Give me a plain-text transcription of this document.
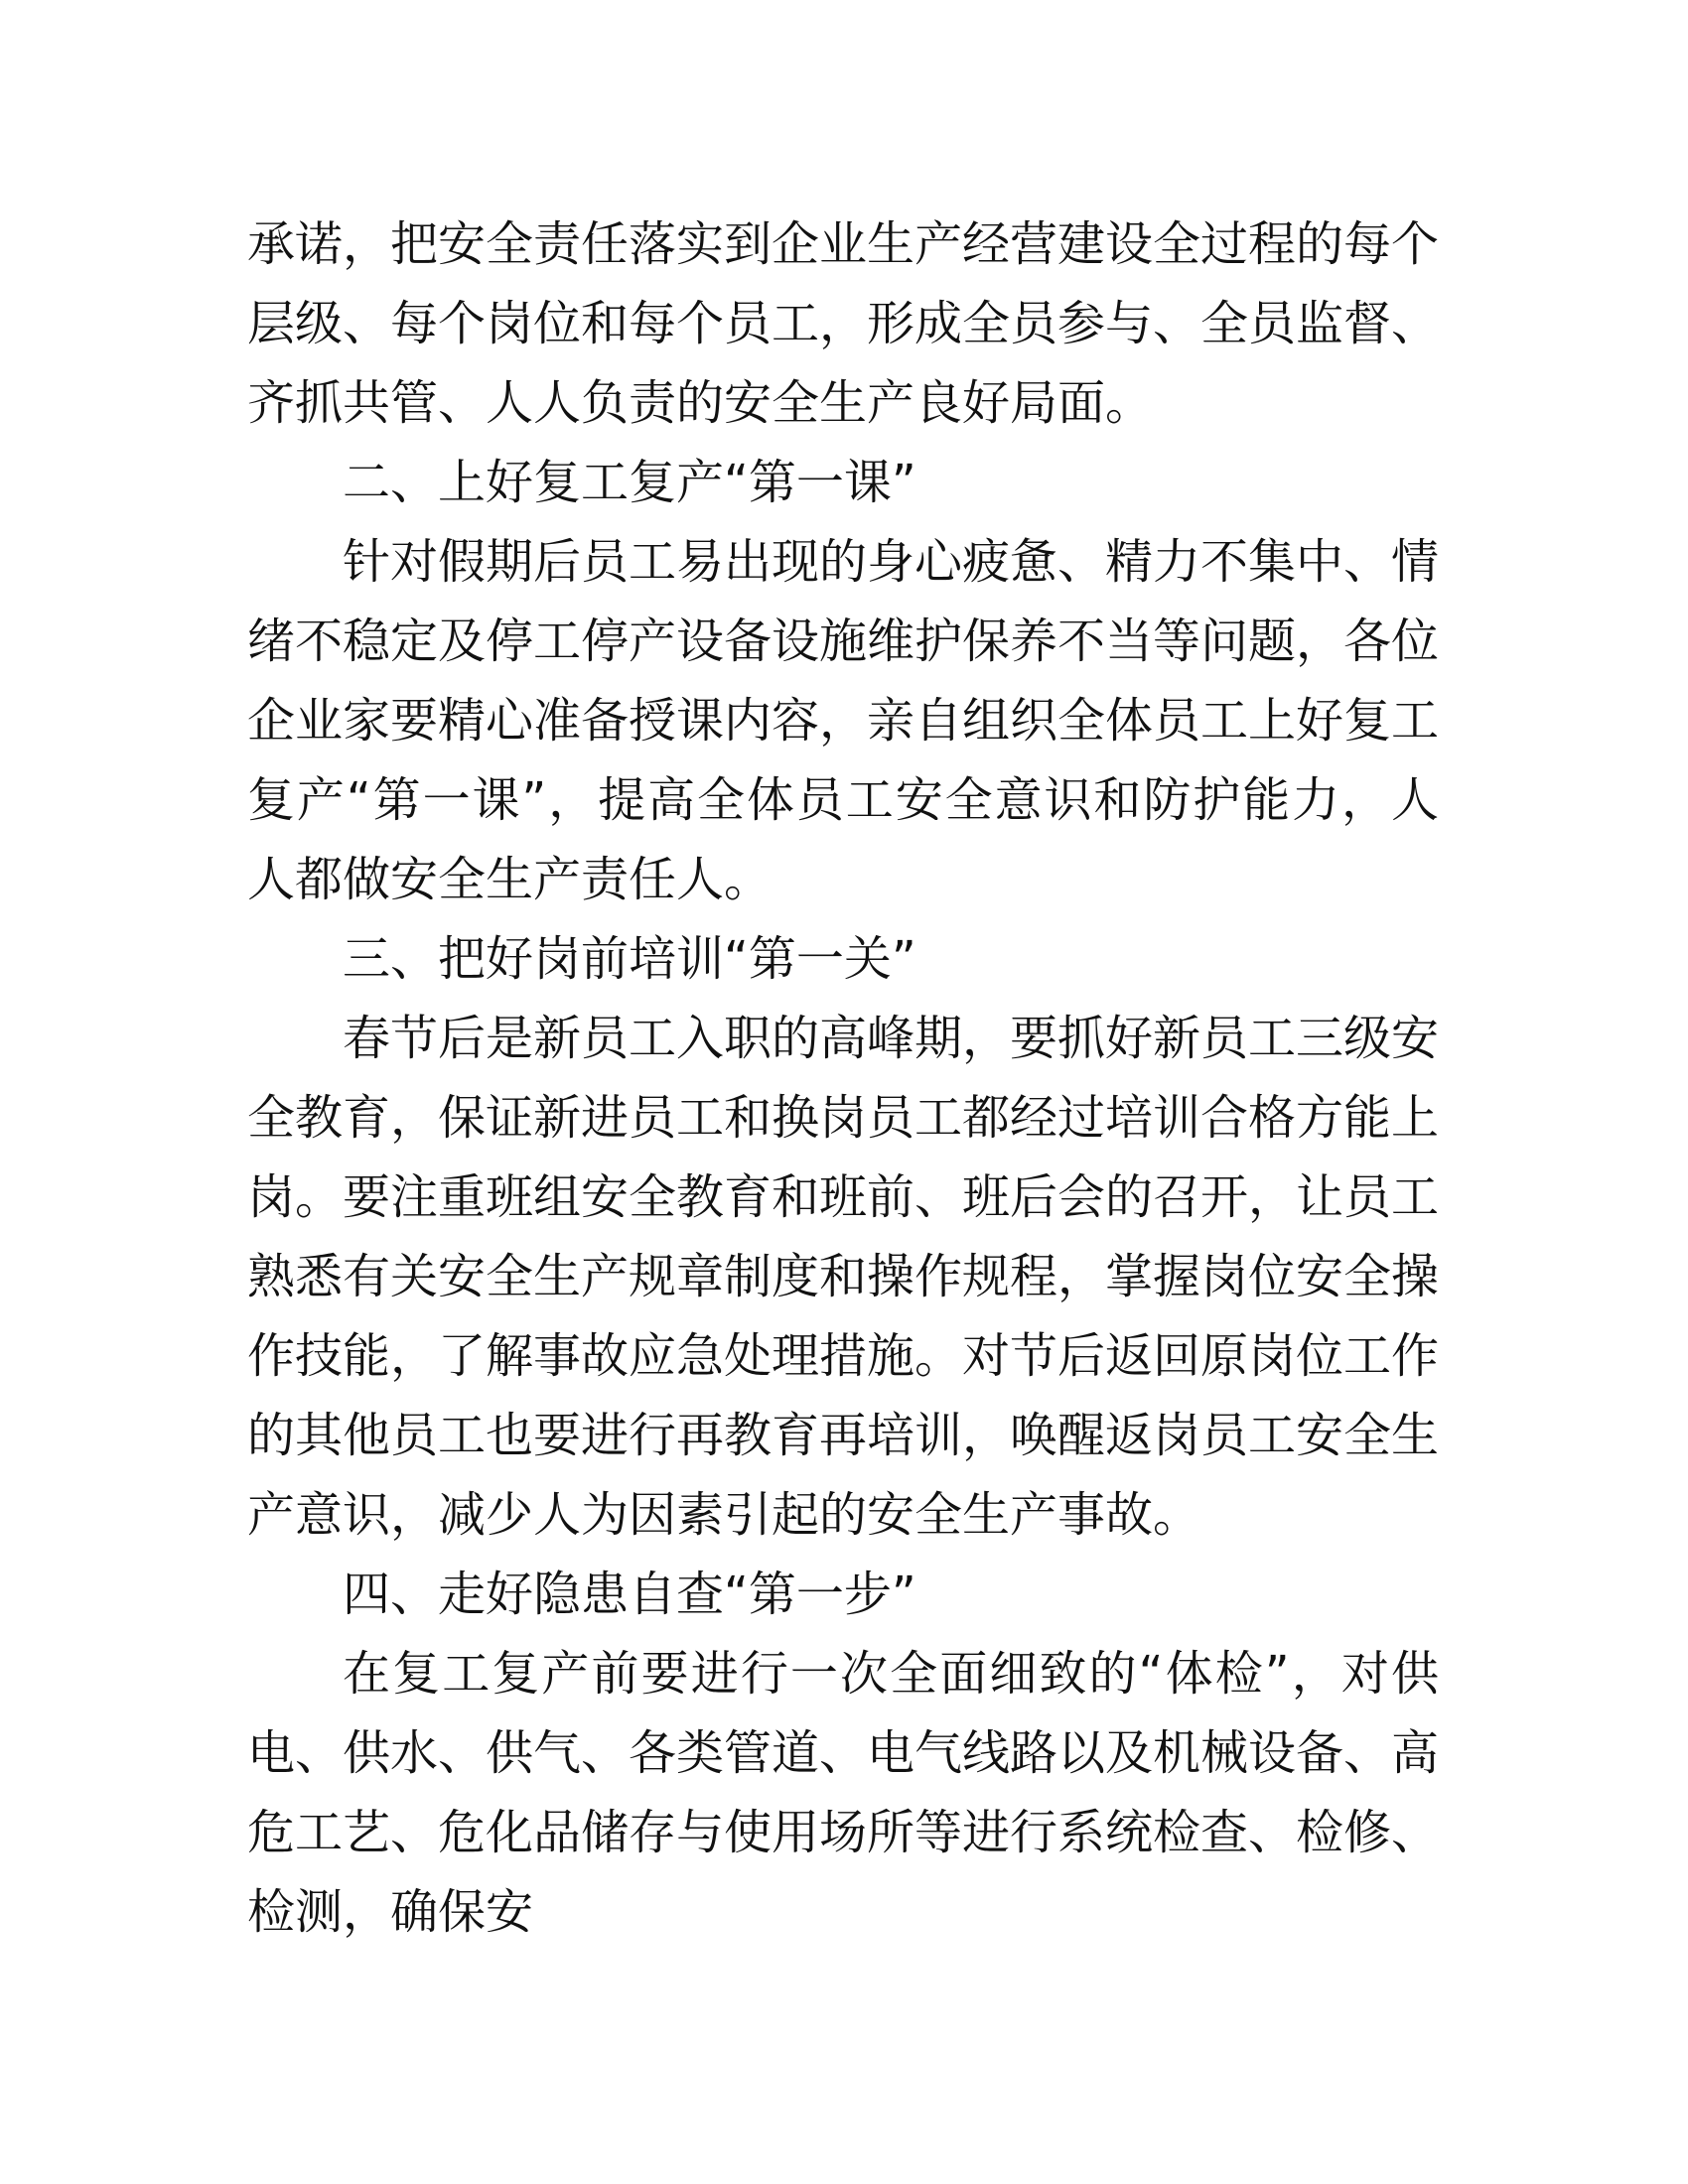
承诺，把安全责任落实到企业生产经营建设全过程的每个层级、每个岗位和每个员工，形成全员参与、全员监督、齐抓共管、人人负责的安全生产良好局面。

二、上好复工复产“第一课”

针对假期后员工易出现的身心疲惫、精力不集中、情绪不稳定及停工停产设备设施维护保养不当等问题，各位企业家要精心准备授课内容，亲自组织全体员工上好复工复产“第一课”，提高全体员工安全意识和防护能力，人人都做安全生产责任人。

三、把好岗前培训“第一关”

春节后是新员工入职的高峰期，要抓好新员工三级安全教育，保证新进员工和换岗员工都经过培训合格方能上岗。要注重班组安全教育和班前、班后会的召开，让员工熟悉有关安全生产规章制度和操作规程，掌握岗位安全操作技能，了解事故应急处理措施。对节后返回原岗位工作的其他员工也要进行再教育再培训，唤醒返岗员工安全生产意识，减少人为因素引起的安全生产事故。

四、走好隐患自查“第一步”

在复工复产前要进行一次全面细致的“体检”，对供电、供水、供气、各类管道、电气线路以及机械设备、高危工艺、危化品储存与使用场所等进行系统检查、检修、检测，确保安
